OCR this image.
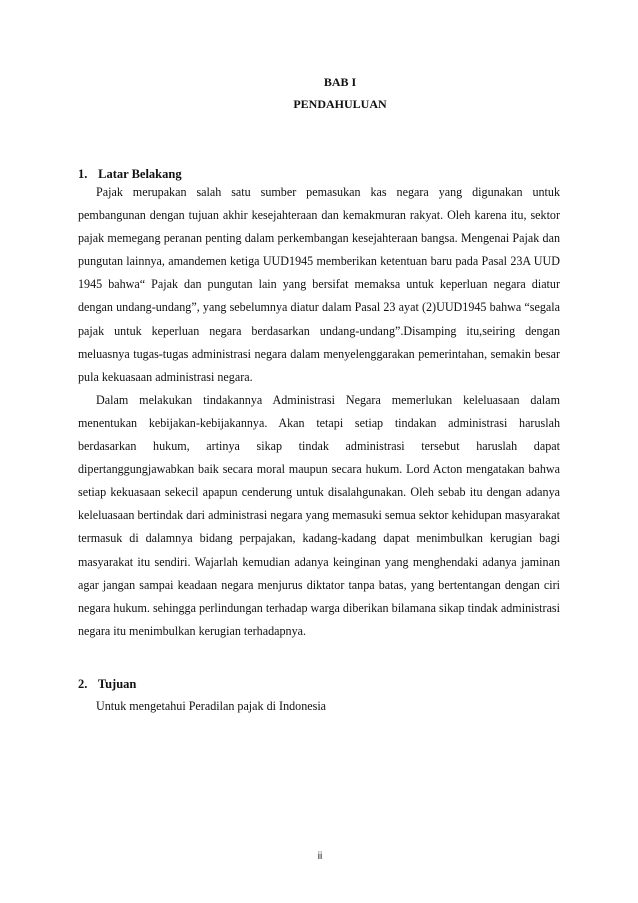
BAB I
PENDAHULUAN
1. Latar Belakang

Pajak merupakan salah satu sumber pemasukan kas negara yang digunakan untuk pembangunan dengan tujuan akhir kesejahteraan dan kemakmuran rakyat. Oleh karena itu, sektor pajak memegang peranan penting dalam perkembangan kesejahteraan bangsa. Mengenai Pajak dan pungutan lainnya, amandemen ketiga UUD1945 memberikan ketentuan baru pada Pasal 23A UUD 1945 bahwa“ Pajak dan pungutan lain yang bersifat memaksa untuk keperluan negara diatur dengan undang-undang”, yang sebelumnya diatur dalam Pasal 23 ayat (2)UUD1945 bahwa “segala pajak untuk keperluan negara berdasarkan undang-undang”.Disamping itu,seiring dengan meluasnya tugas-tugas administrasi negara dalam menyelenggarakan pemerintahan, semakin besar pula kekuasaan administrasi negara.

Dalam melakukan tindakannya Administrasi Negara memerlukan keleluasaan dalam menentukan kebijakan-kebijakannya. Akan tetapi setiap tindakan administrasi haruslah berdasarkan hukum, artinya sikap tindak administrasi tersebut haruslah dapat dipertanggungjawabkan baik secara moral maupun secara hukum. Lord Acton mengatakan bahwa setiap kekuasaan sekecil apapun cenderung untuk disalahgunakan. Oleh sebab itu dengan adanya keleluasaan bertindak dari administrasi negara yang memasuki semua sektor kehidupan masyarakat termasuk di dalamnya bidang perpajakan, kadang-kadang dapat menimbulkan kerugian bagi masyarakat itu sendiri. Wajarlah kemudian adanya keinginan yang menghendaki adanya jaminan agar jangan sampai keadaan negara menjurus diktator tanpa batas, yang bertentangan dengan ciri negara hukum. sehingga perlindungan terhadap warga diberikan bilamana sikap tindak administrasi negara itu menimbulkan kerugian terhadapnya.

2. Tujuan
Untuk mengetahui Peradilan pajak di Indonesia
ii
